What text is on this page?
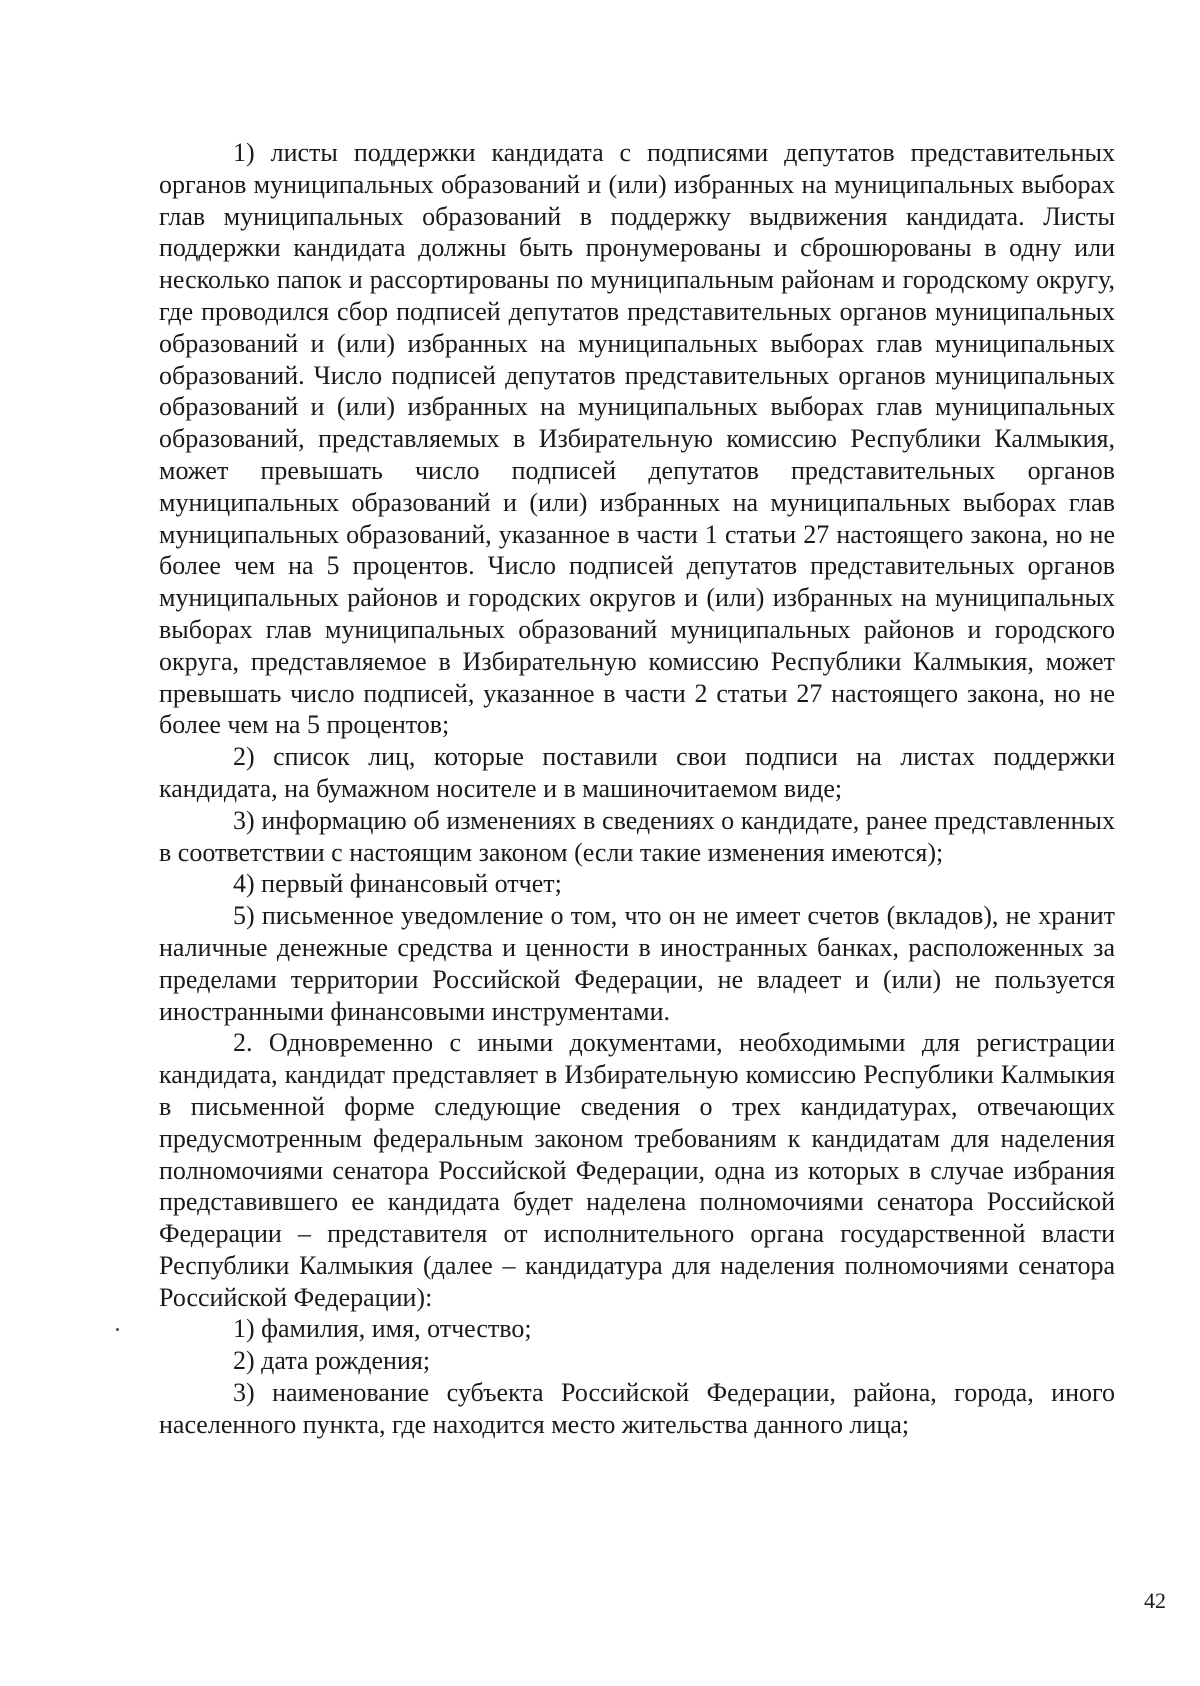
1) листы поддержки кандидата с подписями депутатов представительных органов муниципальных образований и (или) избранных на муниципальных выборах глав муниципальных образований в поддержку выдвижения кандидата. Листы поддержки кандидата должны быть пронумерованы и сброшюрованы в одну или несколько папок и рассортированы по муниципальным районам и городскому округу, где проводился сбор подписей депутатов представительных органов муниципальных образований и (или) избранных на муниципальных выборах глав муниципальных образований. Число подписей депутатов представительных органов муниципальных образований и (или) избранных на муниципальных выборах глав муниципальных образований, представляемых в Избирательную комиссию Республики Калмыкия, может превышать число подписей депутатов представительных органов муниципальных образований и (или) избранных на муниципальных выборах глав муниципальных образований, указанное в части 1 статьи 27 настоящего закона, но не более чем на 5 процентов. Число подписей депутатов представительных органов муниципальных районов и городских округов и (или) избранных на муниципальных выборах глав муниципальных образований муниципальных районов и городского округа, представляемое в Избирательную комиссию Республики Калмыкия, может превышать число подписей, указанное в части 2 статьи 27 настоящего закона, но не более чем на 5 процентов;

2) список лиц, которые поставили свои подписи на листах поддержки кандидата, на бумажном носителе и в машиночитаемом виде;

3) информацию об изменениях в сведениях о кандидате, ранее представленных в соответствии с настоящим законом (если такие изменения имеются);

4) первый финансовый отчет;

5) письменное уведомление о том, что он не имеет счетов (вкладов), не хранит наличные денежные средства и ценности в иностранных банках, расположенных за пределами территории Российской Федерации, не владеет и (или) не пользуется иностранными финансовыми инструментами.

2. Одновременно с иными документами, необходимыми для регистрации кандидата, кандидат представляет в Избирательную комиссию Республики Калмыкия в письменной форме следующие сведения о трех кандидатурах, отвечающих предусмотренным федеральным законом требованиям к кандидатам для наделения полномочиями сенатора Российской Федерации, одна из которых в случае избрания представившего ее кандидата будет наделена полномочиями сенатора Российской Федерации – представителя от исполнительного органа государственной власти Республики Калмыкия (далее – кандидатура для наделения полномочиями сенатора Российской Федерации):

1) фамилия, имя, отчество;

2) дата рождения;

3) наименование субъекта Российской Федерации, района, города, иного населенного пункта, где находится место жительства данного лица;

42
